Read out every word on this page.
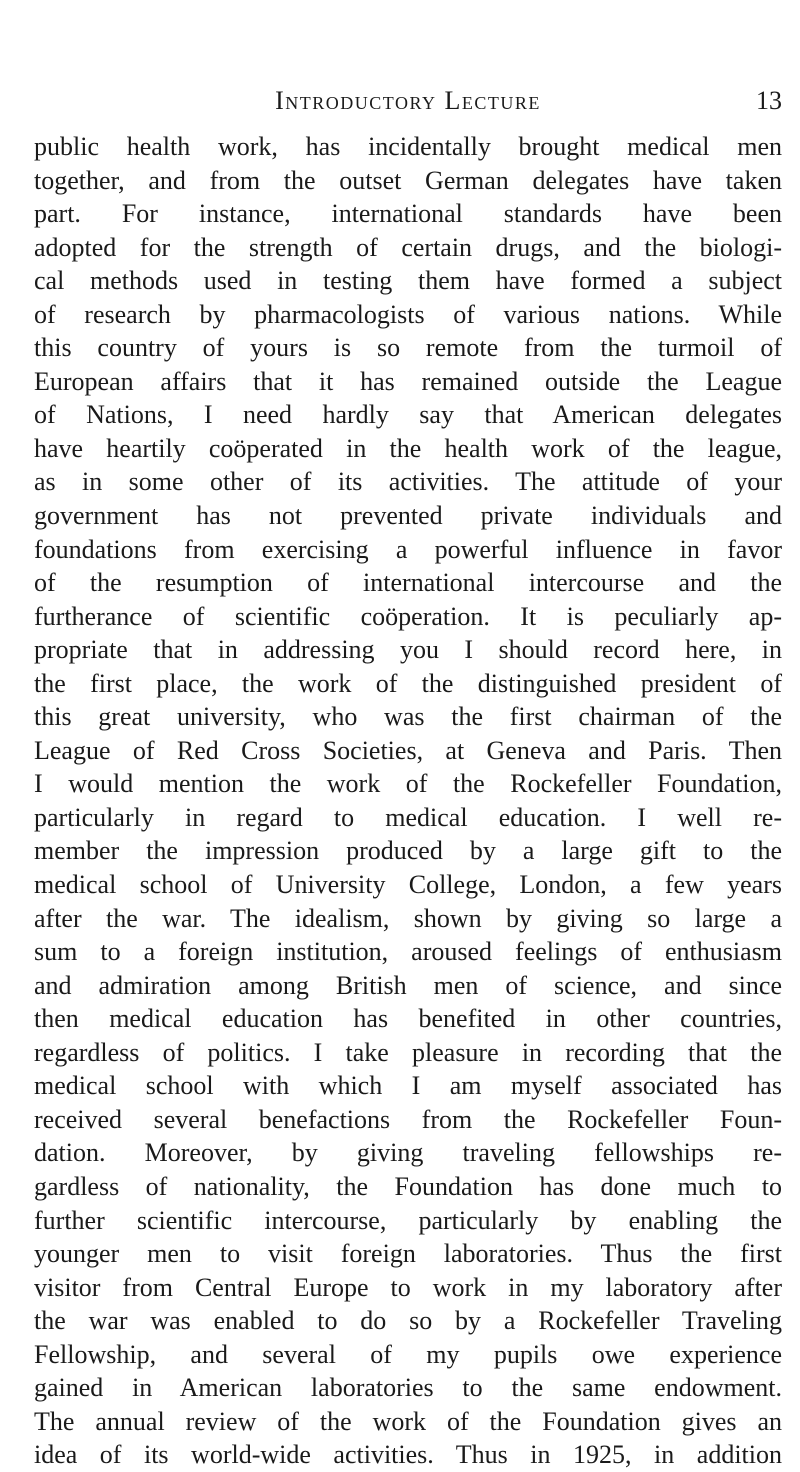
Introductory Lecture	13
public health work, has incidentally brought medical men
together, and from the outset German delegates have taken
part. For instance, international standards have been
adopted for the strength of certain drugs, and the biologi-
cal methods used in testing them have formed a subject
of research by pharmacologists of various nations. While
this country of yours is so remote from the turmoil of
European affairs that it has remained outside the League
of Nations, I need hardly say that American delegates
have heartily coöperated in the health work of the league,
as in some other of its activities. The attitude of your
government has not prevented private individuals and
foundations from exercising a powerful influence in favor
of the resumption of international intercourse and the
furtherance of scientific coöperation. It is peculiarly ap-
propriate that in addressing you I should record here, in
the first place, the work of the distinguished president of
this great university, who was the first chairman of the
League of Red Cross Societies, at Geneva and Paris. Then
I would mention the work of the Rockefeller Foundation,
particularly in regard to medical education. I well re-
member the impression produced by a large gift to the
medical school of University College, London, a few years
after the war. The idealism, shown by giving so large a
sum to a foreign institution, aroused feelings of enthusiasm
and admiration among British men of science, and since
then medical education has benefited in other countries,
regardless of politics. I take pleasure in recording that the
medical school with which I am myself associated has
received several benefactions from the Rockefeller Foun-
dation. Moreover, by giving traveling fellowships re-
gardless of nationality, the Foundation has done much to
further scientific intercourse, particularly by enabling the
younger men to visit foreign laboratories. Thus the first
visitor from Central Europe to work in my laboratory after
the war was enabled to do so by a Rockefeller Traveling
Fellowship, and several of my pupils owe experience
gained in American laboratories to the same endowment.
The annual review of the work of the Foundation gives an
idea of its world-wide activities. Thus in 1925, in addition
